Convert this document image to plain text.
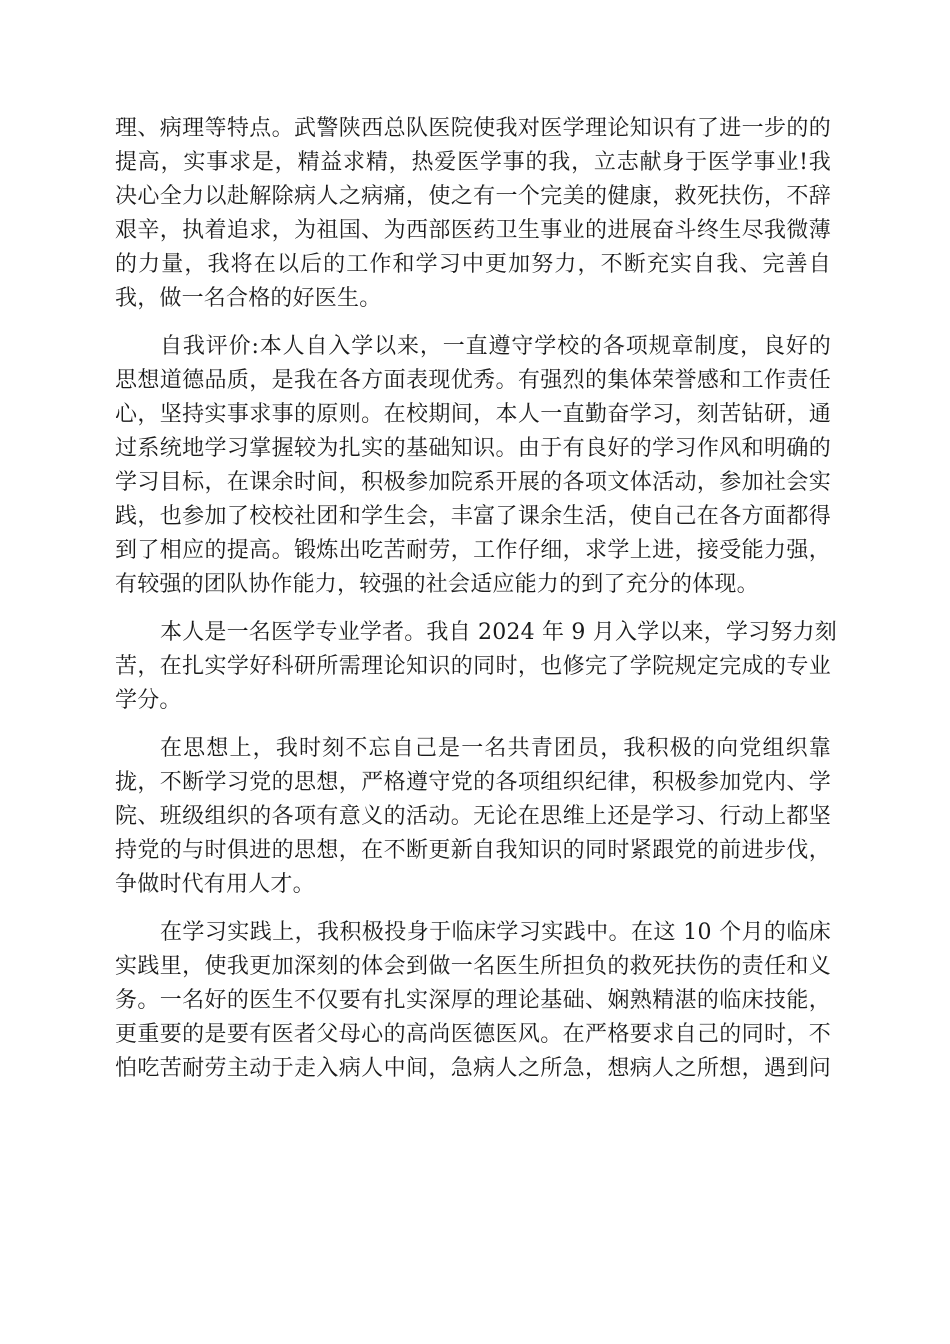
理、病理等特点。武警陕西总队医院使我对医学理论知识有了进一步的的
提高，实事求是，精益求精，热爱医学事的我，立志献身于医学事业!我
决心全力以赴解除病人之病痛，使之有一个完美的健康，救死扶伤，不辞
艰辛，执着追求，为祖国、为西部医药卫生事业的进展奋斗终生尽我微薄
的力量，我将在以后的工作和学习中更加努力，不断充实自我、完善自
我，做一名合格的好医生。
自我评价:本人自入学以来，一直遵守学校的各项规章制度，良好的
思想道德品质，是我在各方面表现优秀。有强烈的集体荣誉感和工作责任
心，坚持实事求事的原则。在校期间，本人一直勤奋学习，刻苦钻研，通
过系统地学习掌握较为扎实的基础知识。由于有良好的学习作风和明确的
学习目标，在课余时间，积极参加院系开展的各项文体活动，参加社会实
践，也参加了校校社团和学生会，丰富了课余生活，使自己在各方面都得
到了相应的提高。锻炼出吃苦耐劳，工作仔细，求学上进，接受能力强，
有较强的团队协作能力，较强的社会适应能力的到了充分的体现。
本人是一名医学专业学者。我自 2024 年 9 月入学以来，学习努力刻
苦，在扎实学好科研所需理论知识的同时，也修完了学院规定完成的专业
学分。
在思想上，我时刻不忘自己是一名共青团员，我积极的向党组织靠
拢，不断学习党的思想，严格遵守党的各项组织纪律，积极参加党内、学
院、班级组织的各项有意义的活动。无论在思维上还是学习、行动上都坚
持党的与时俱进的思想，在不断更新自我知识的同时紧跟党的前进步伐，
争做时代有用人才。
在学习实践上，我积极投身于临床学习实践中。在这 10 个月的临床
实践里，使我更加深刻的体会到做一名医生所担负的救死扶伤的责任和义
务。一名好的医生不仅要有扎实深厚的理论基础、娴熟精湛的临床技能，
更重要的是要有医者父母心的高尚医德医风。在严格要求自己的同时，不
怕吃苦耐劳主动于走入病人中间，急病人之所急，想病人之所想，遇到问
